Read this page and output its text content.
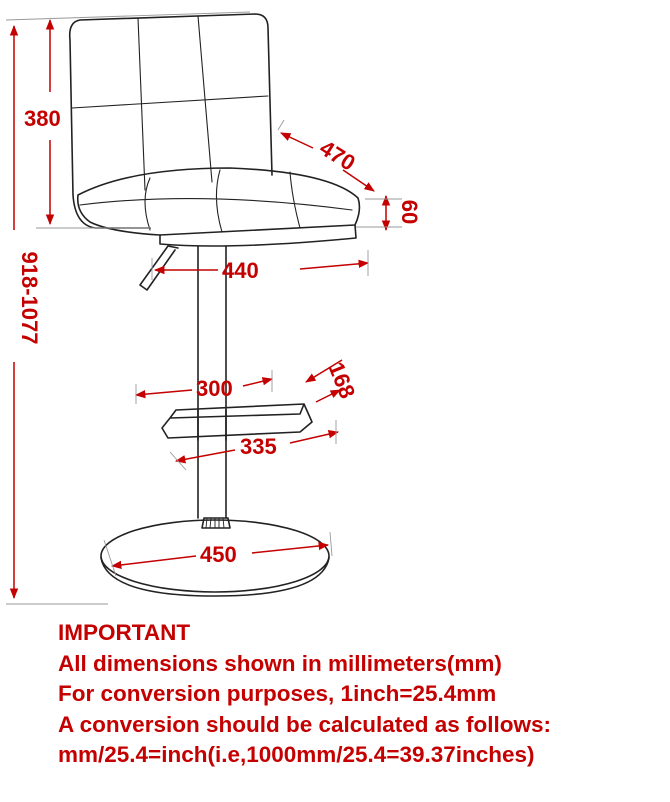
380
918-1077
470
60
440
300	168
335
450
IMPORTANT
All dimensions shown in millimeters(mm)
For conversion purposes, 1inch=25.4mm
A conversion should be calculated as follows:
mm/25.4=inch(i.e,1000mm/25.4=39.37inches)
